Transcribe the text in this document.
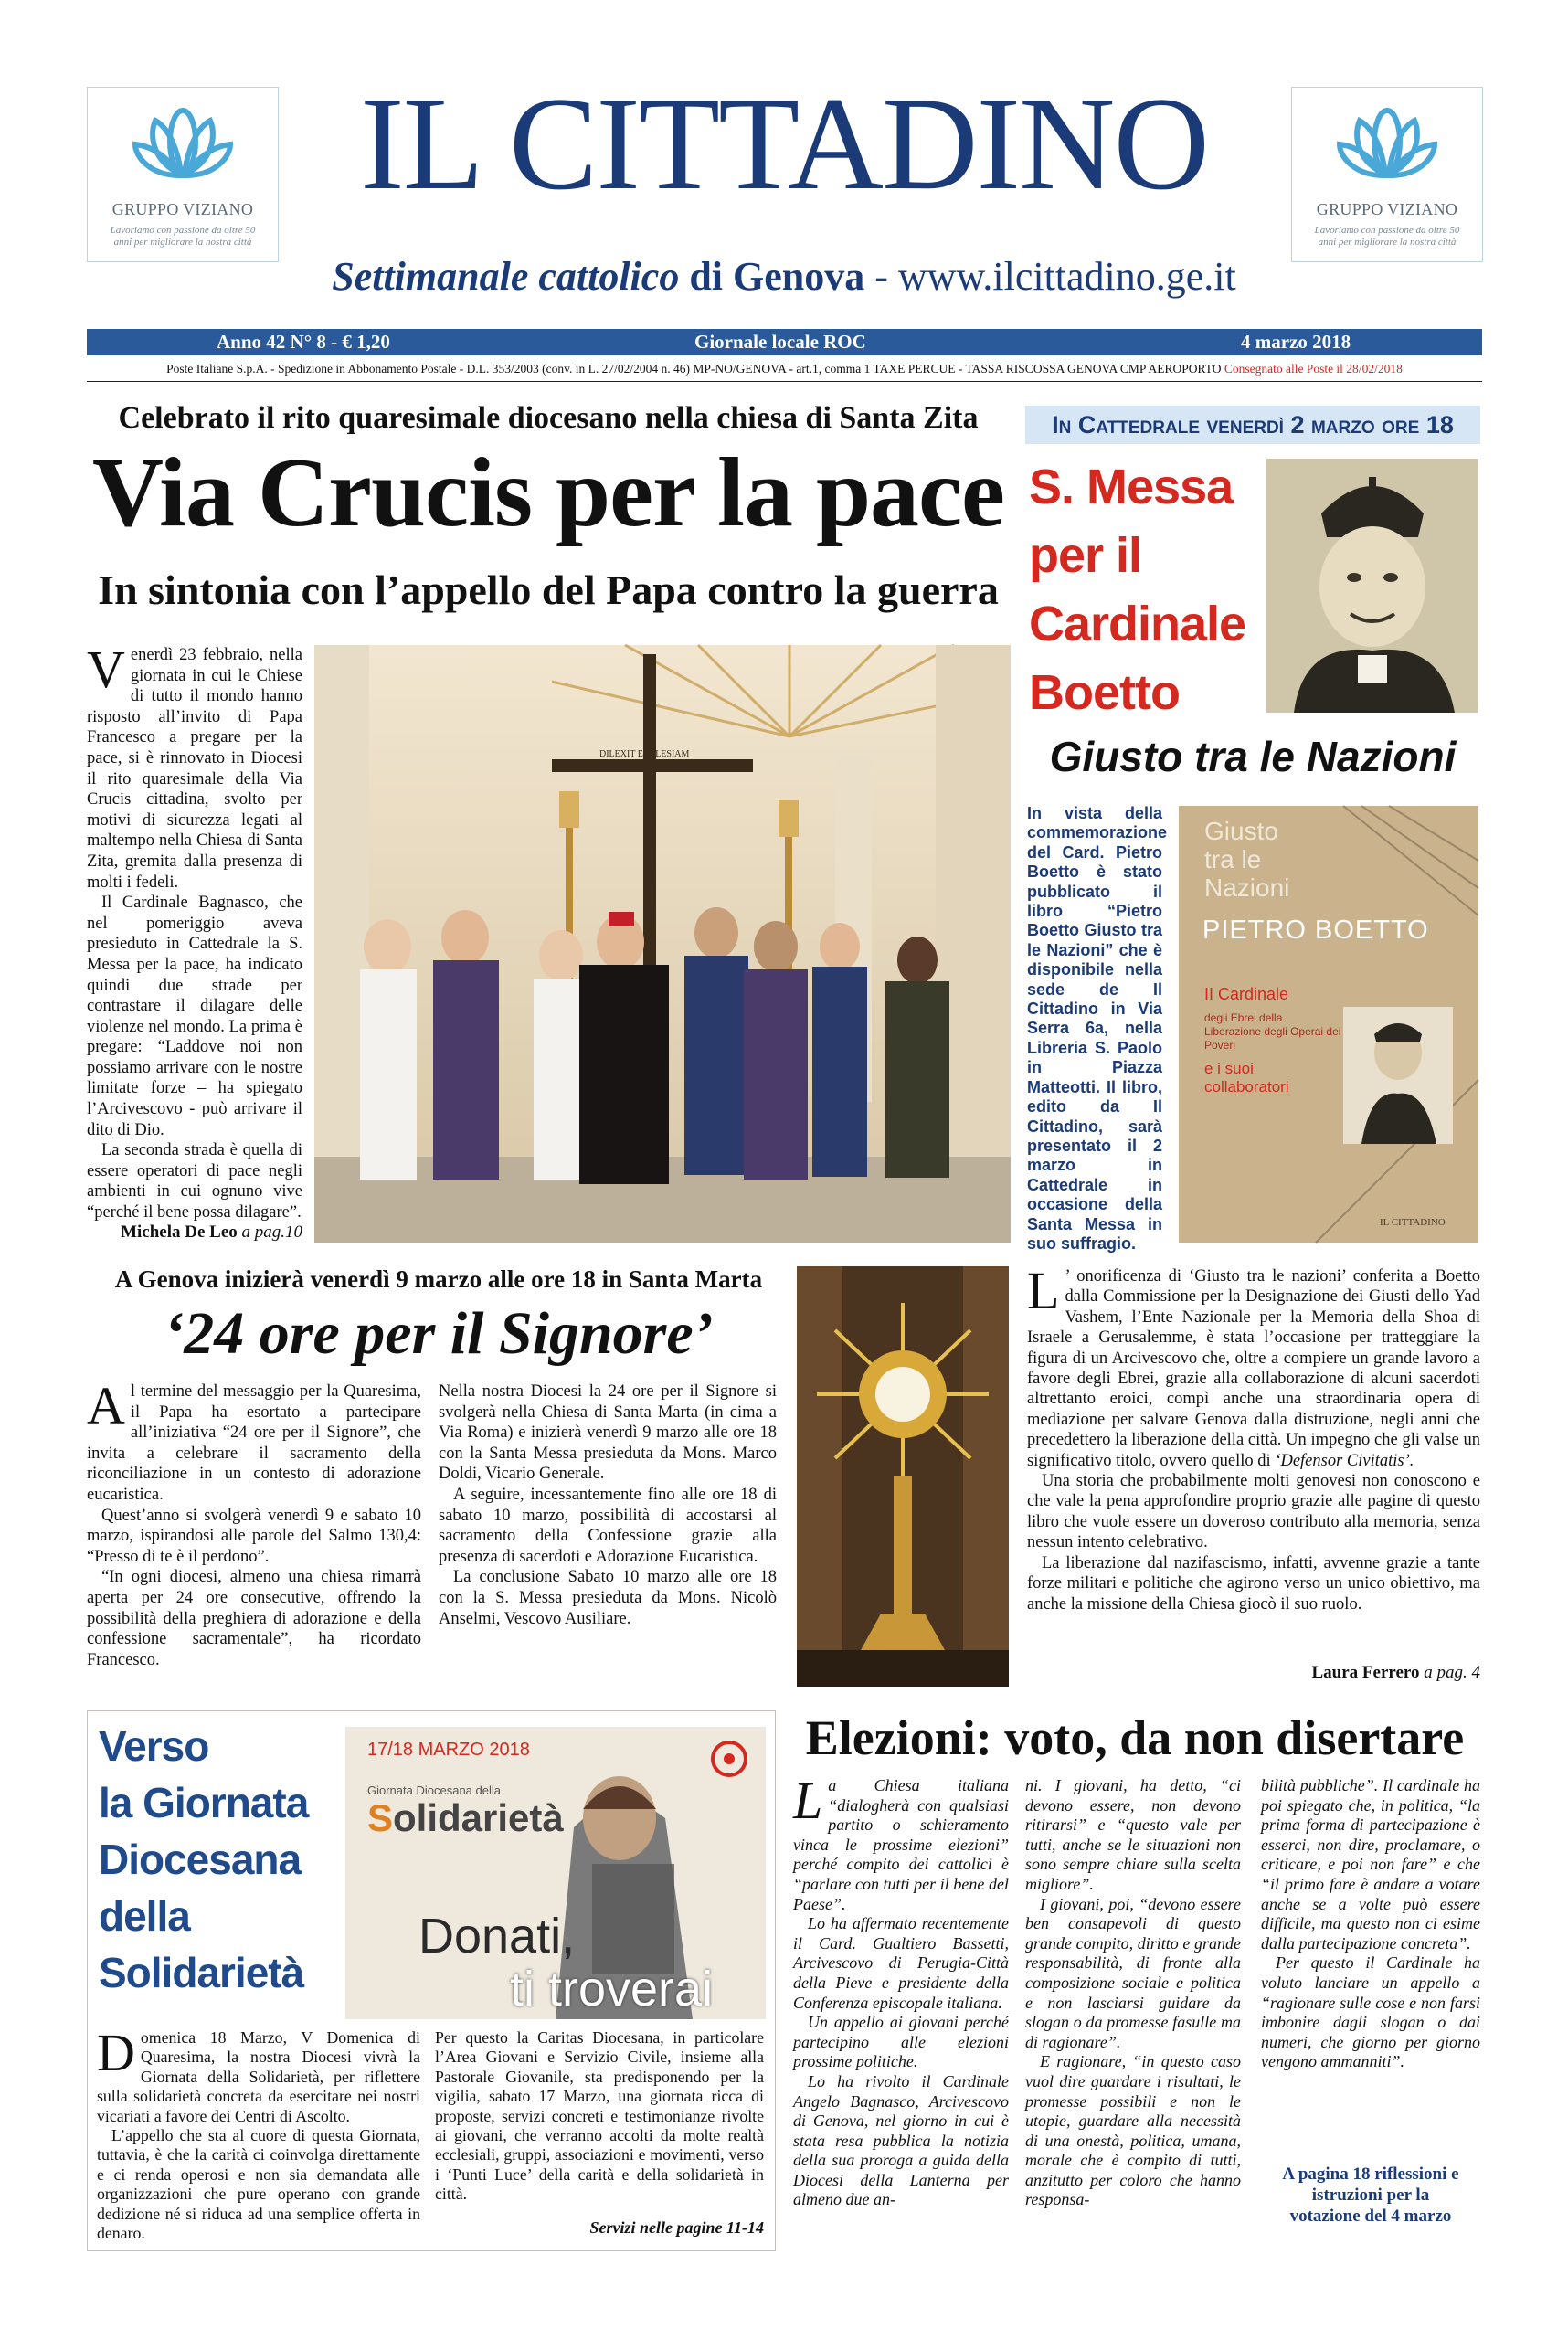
GRUPPO VIZIANO
Lavoriamo con passione da oltre 50 anni per migliorare la nostra città
GRUPPO VIZIANO
Lavoriamo con passione da oltre 50 anni per migliorare la nostra città
IL CITTADINO
Settimanale cattolico di Genova - www.ilcittadino.ge.it
Anno 42 N° 8 - € 1,20	Giornale locale ROC	4 marzo 2018
Poste Italiane S.p.A. - Spedizione in Abbonamento Postale - D.L. 353/2003 (conv. in L. 27/02/2004 n. 46) MP-NO/GENOVA - art.1, comma 1 TAXE PERCUE - TASSA RISCOSSA GENOVA CMP AEROPORTO Consegnato alle Poste il 28/02/2018
Celebrato il rito quaresimale diocesano nella chiesa di Santa Zita
Via Crucis per la pace
In sintonia con l’appello del Papa contro la guerra

Venerdì 23 febbraio, nella giornata in cui le Chiese di tutto il mondo hanno risposto all’invito di Papa Francesco a pregare per la pace, si è rinnovato in Diocesi il rito quaresimale della Via Crucis cittadina, svolto per motivi di sicurezza legati al maltempo nella Chiesa di Santa Zita, gremita dalla presenza di molti i fedeli.

Il Cardinale Bagnasco, che nel pomeriggio aveva presieduto in Cattedrale la S. Messa per la pace, ha indicato quindi due strade per contrastare il dilagare delle violenze nel mondo. La prima è pregare: “Laddove noi non possiamo arrivare con le nostre limitate forze – ha spiegato l’Arcivescovo - può arrivare il dito di Dio.

La seconda strada è quella di essere operatori di pace negli ambienti in cui ognuno vive “perché il bene possa dilagare”.

Michela De Leo a pag.10
DILEXIT ECCLESIAM
In Cattedrale venerdì 2 marzo ore 18
S. Messa
per il
Cardinale
Boetto
Giusto tra le Nazioni
In vista della commemorazione del Card. Pietro Boetto è stato pubblicato il libro “Pietro Boetto Giusto tra le Nazioni” che è disponibile nella sede de Il Cittadino in Via Serra 6a, nella Libreria S. Paolo in Piazza Matteotti. Il libro, edito da Il Cittadino, sarà presentato il 2 marzo in Cattedrale in occasione della Santa Messa in suo suffragio.
Giusto
tra le
Nazioni
PIETRO BOETTO
II Cardinale
degli Ebrei della Liberazione degli Operai dei Poveri
e i suoi collaboratori
IL CITTADINO

L ’ onorificenza di ‘Giusto tra le nazioni’ conferita a Boetto dalla Commissione per la Designazione dei Giusti dello Yad Vashem, l’Ente Nazionale per la Memoria della Shoa di Israele a Gerusalemme, è stata l’occasione per tratteggiare la figura di un Arcivescovo che, oltre a compiere un grande lavoro a favore degli Ebrei, grazie alla collaborazione di alcuni sacerdoti altrettanto eroici, compì anche una straordinaria opera di mediazione per salvare Genova dalla distruzione, negli anni che precedettero la liberazione della città. Un impegno che gli valse un significativo titolo, ovvero quello di ‘Defensor Civitatis’.

Una storia che probabilmente molti genovesi non conoscono e che vale la pena approfondire proprio grazie alle pagine di questo libro che vuole essere un doveroso contributo alla memoria, senza nessun intento celebrativo.

La liberazione dal nazifascismo, infatti, avvenne grazie a tante forze militari e politiche che agirono verso un unico obiettivo, ma anche la missione della Chiesa giocò il suo ruolo.

Laura Ferrero a pag. 4
A Genova inizierà venerdì 9 marzo alle ore 18 in Santa Marta
‘24 ore per il Signore’

Al termine del messaggio per la Quaresima, il Papa ha esortato a partecipare all’iniziativa “24 ore per il Signore”, che invita a celebrare il sacramento della riconciliazione in un contesto di adorazione eucaristica.

Quest’anno si svolgerà venerdì 9 e sabato 10 marzo, ispirandosi alle parole del Salmo 130,4: “Presso di te è il perdono”.

“In ogni diocesi, almeno una chiesa rimarrà aperta per 24 ore consecutive, offrendo la possibilità della preghiera di adorazione e della confessione sacramentale”, ha ricordato Francesco.

Nella nostra Diocesi la 24 ore per il Signore si svolgerà nella Chiesa di Santa Marta (in cima a Via Roma) e inizierà venerdì 9 marzo alle ore 18 con la Santa Messa presieduta da Mons. Marco Doldi, Vicario Generale.

A seguire, incessantemente fino alle ore 18 di sabato 10 marzo, possibilità di accostarsi al sacramento della Confessione grazie alla presenza di sacerdoti e Adorazione Eucaristica.

La conclusione Sabato 10 marzo alle ore 18 con la S. Messa presieduta da Mons. Nicolò Anselmi, Vescovo Ausiliare.

Verso
la Giornata
Diocesana
della
Solidarietà
17/18 MARZO 2018
Giornata Diocesana della
Solidarietà
Donati,
ti troverai

Domenica 18 Marzo, V Domenica di Quaresima, la nostra Diocesi vivrà la Giornata della Solidarietà, per riflettere sulla solidarietà concreta da esercitare nei nostri vicariati a favore dei Centri di Ascolto.

L’appello che sta al cuore di questa Giornata, tuttavia, è che la carità ci coinvolga direttamente e ci renda operosi e non sia demandata alle organizzazioni che pure operano con grande dedizione né si riduca ad una semplice offerta in denaro.

Per questo la Caritas Diocesana, in particolare l’Area Giovani e Servizio Civile, insieme alla Pastorale Giovanile, sta predisponendo per la vigilia, sabato 17 Marzo, una giornata ricca di proposte, servizi concreti e testimonianze rivolte ai giovani, che verranno accolti da molte realtà ecclesiali, gruppi, associazioni e movimenti, verso i ‘Punti Luce’ della carità e della solidarietà in città.

Servizi nelle pagine 11-14
Elezioni: voto, da non disertare

La Chiesa italiana “dialogherà con qualsiasi partito o schieramento vinca le prossime elezioni” perché compito dei cattolici è “parlare con tutti per il bene del Paese”.

Lo ha affermato recentemente il Card. Gualtiero Bassetti, Arcivescovo di Perugia-Città della Pieve e presidente della Conferenza episcopale italiana.

Un appello ai giovani perché partecipino alle elezioni prossime politiche.

Lo ha rivolto il Cardinale Angelo Bagnasco, Arcivescovo di Genova, nel giorno in cui è stata resa pubblica la notizia della sua proroga a guida della Diocesi della Lanterna per almeno due an-

ni. I giovani, ha detto, “ci devono essere, non devono ritirarsi” e “questo vale per tutti, anche se le situazioni non sono sempre chiare sulla scelta migliore”.

I giovani, poi, “devono essere ben consapevoli di questo grande compito, diritto e grande responsabilità, di fronte alla composizione sociale e politica e non lasciarsi guidare da slogan o da promesse fasulle ma di ragionare”.

E ragionare, “in questo caso vuol dire guardare i risultati, le promesse possibili e non le utopie, guardare alla necessità di una onestà, politica, umana, morale che è compito di tutti, anzitutto per coloro che hanno responsa-

bilità pubbliche”. Il cardinale ha poi spiegato che, in politica, “la prima forma di partecipazione è esserci, non dire, proclamare, o criticare, e poi non fare” e che “il primo fare è andare a votare anche se a volte può essere difficile, ma questo non ci esime dalla partecipazione concreta”.

Per questo il Cardinale ha voluto lanciare un appello a “ragionare sulle cose e non farsi imbonire dagli slogan o dai numeri, che giorno per giorno vengono ammanniti”.

A pagina 18 riflessioni e istruzioni per la votazione del 4 marzo
